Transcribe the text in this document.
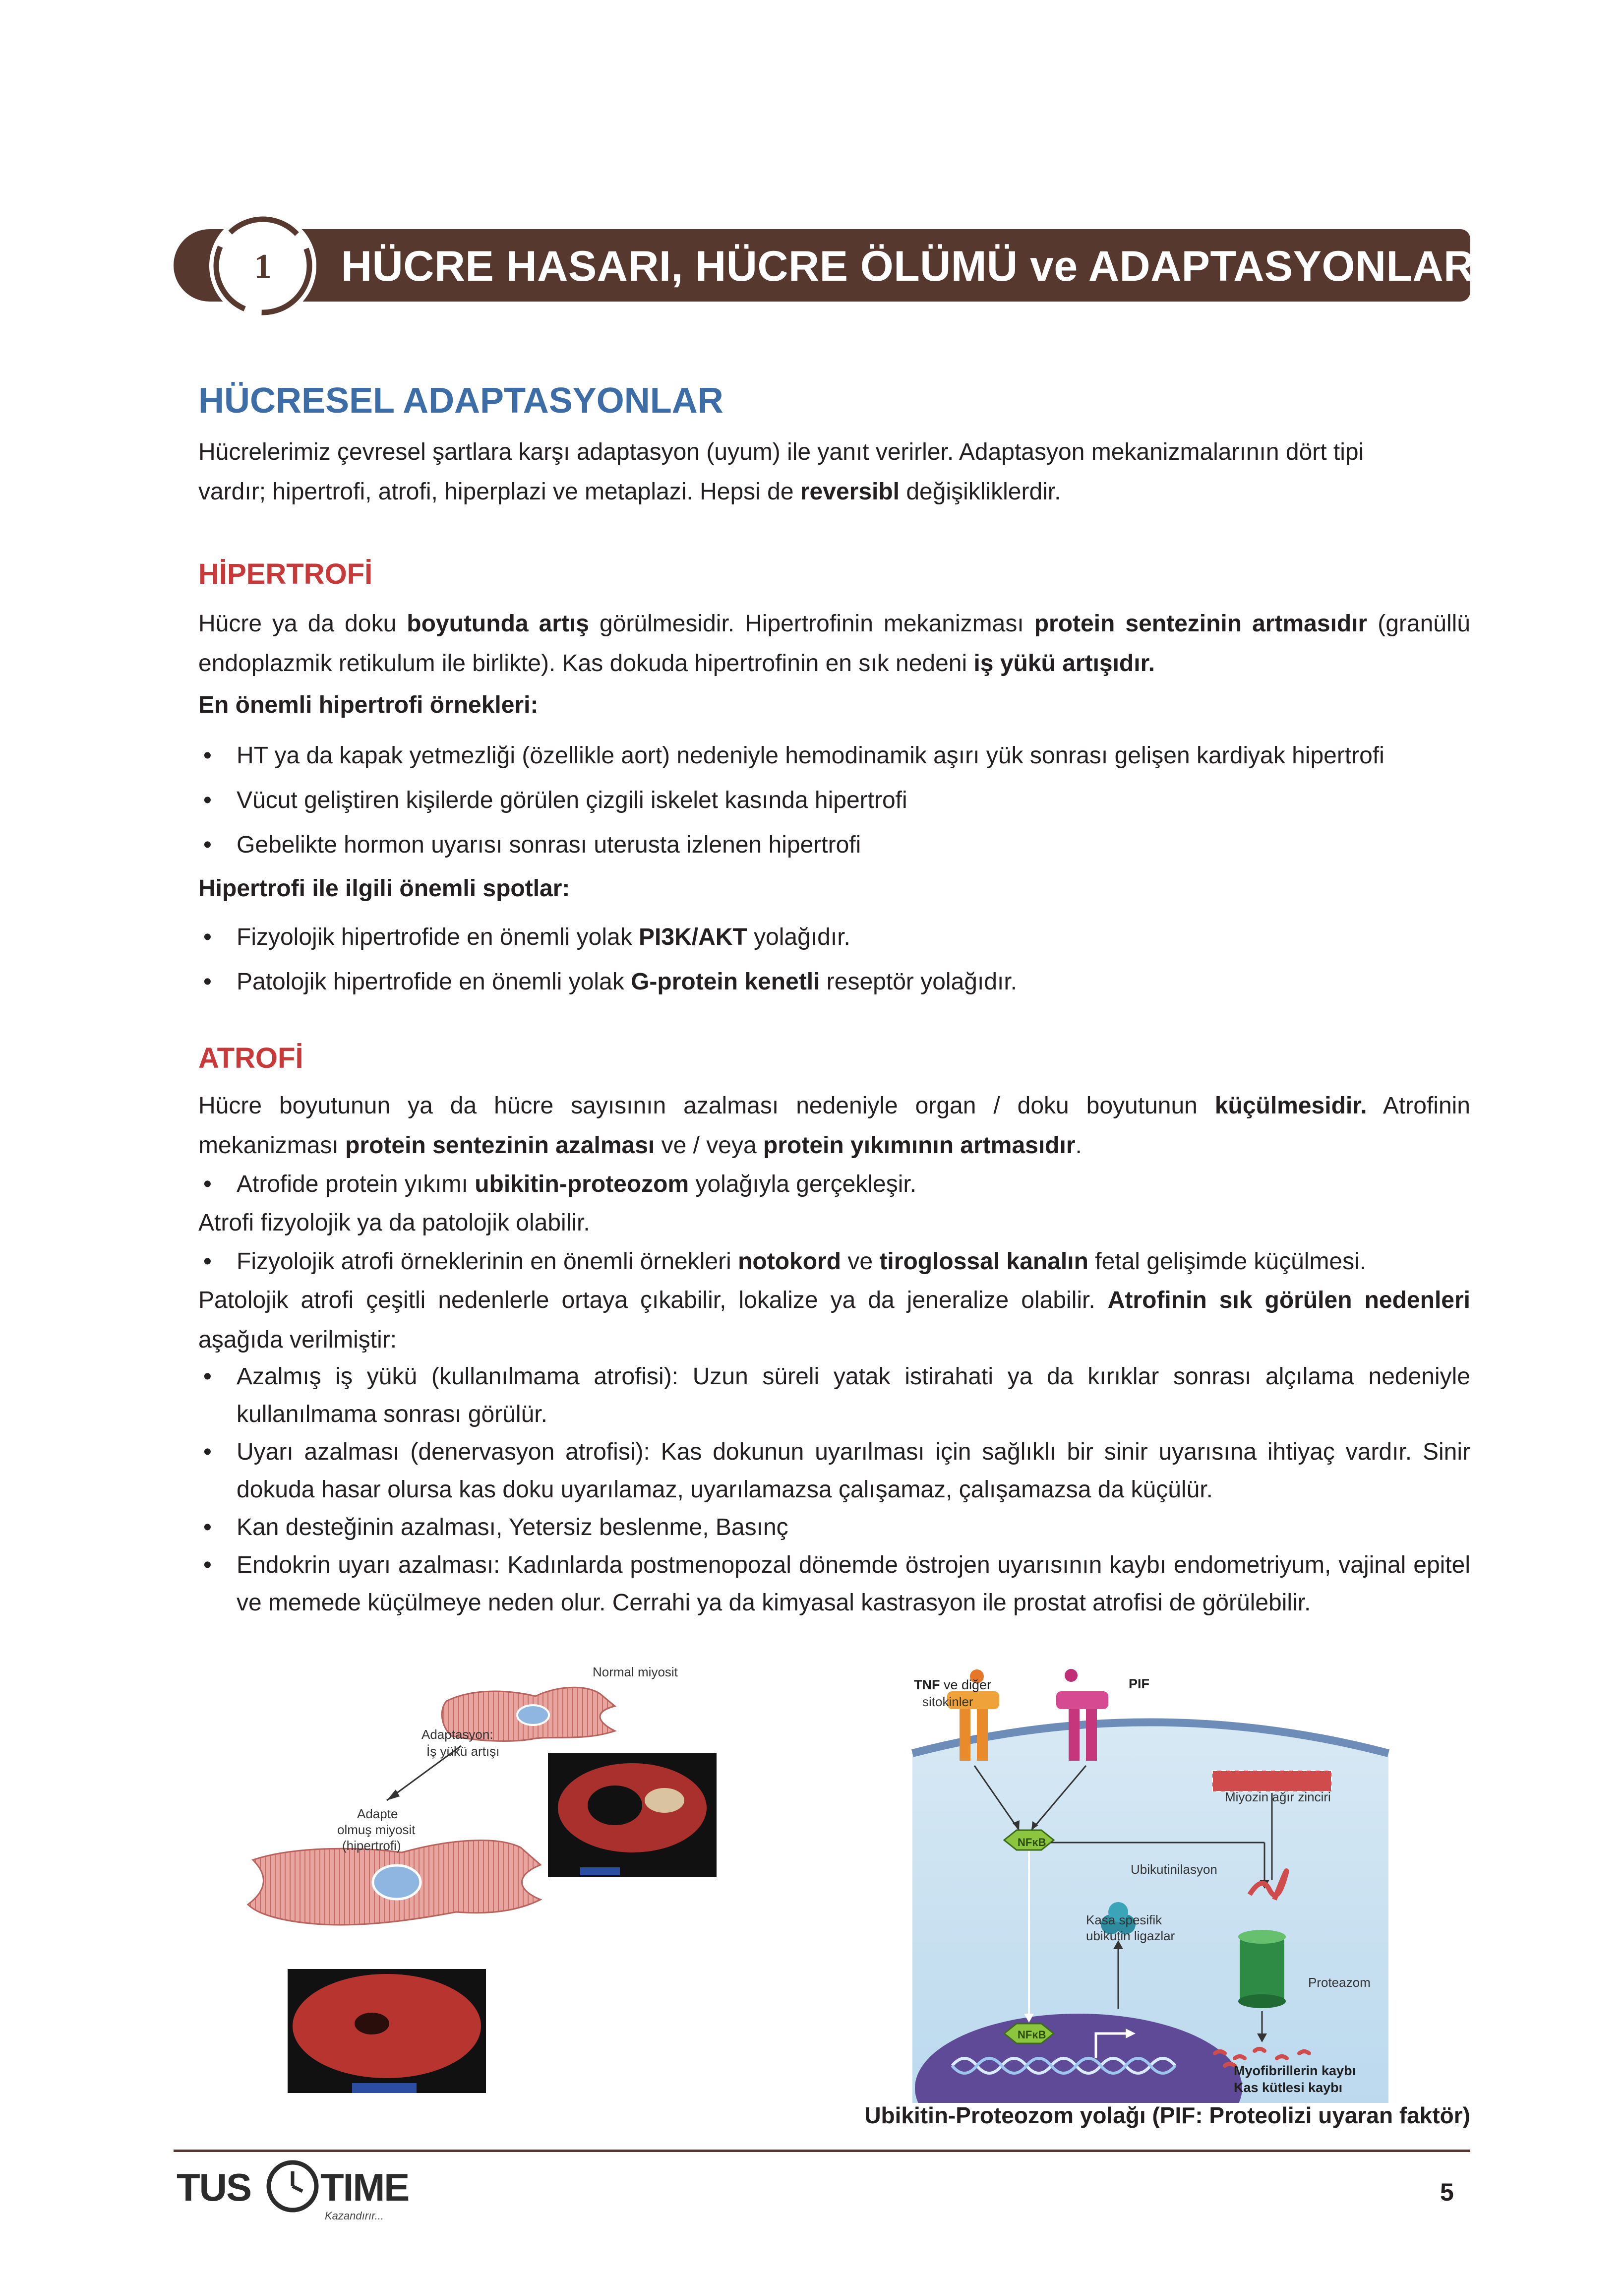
1	HÜCRE HASARI, HÜCRE ÖLÜMÜ ve ADAPTASYONLAR
HÜCRESEL ADAPTASYONLAR
Hücrelerimiz çevresel şartlara karşı adaptasyon (uyum) ile yanıt verirler. Adaptasyon mekanizmalarının dört tipi
vardır; hipertrofi, atrofi, hiperplazi ve metaplazi. Hepsi de reversibl değişikliklerdir.
HİPERTROFİ
Hücre ya da doku boyutunda artış görülmesidir. Hipertrofinin mekanizması protein sentezinin artmasıdır (granüllü endoplazmik retikulum ile birlikte). Kas dokuda hipertrofinin en sık nedeni iş yükü artışıdır.
En önemli hipertrofi örnekleri:
• HT ya da kapak yetmezliği (özellikle aort) nedeniyle hemodinamik aşırı yük sonrası gelişen kardiyak hipertrofi
• Vücut geliştiren kişilerde görülen çizgili iskelet kasında hipertrofi
• Gebelikte hormon uyarısı sonrası uterusta izlenen hipertrofi
Hipertrofi ile ilgili önemli spotlar:
• Fizyolojik hipertrofide en önemli yolak PI3K/AKT yolağıdır.
• Patolojik hipertrofide en önemli yolak G-protein kenetli reseptör yolağıdır.
ATROFİ
Hücre boyutunun ya da hücre sayısının azalması nedeniyle organ / doku boyutunun küçülmesidir. Atrofinin mekanizması protein sentezinin azalması ve / veya protein yıkımının artmasıdır.
• Atrofide protein yıkımı ubikitin-proteozom yolağıyla gerçekleşir.
Atrofi fizyolojik ya da patolojik olabilir.
• Fizyolojik atrofi örneklerinin en önemli örnekleri notokord ve tiroglossal kanalın fetal gelişimde küçülmesi.
Patolojik atrofi çeşitli nedenlerle ortaya çıkabilir, lokalize ya da jeneralize olabilir. Atrofinin sık görülen nedenleri aşağıda verilmiştir:
• Azalmış iş yükü (kullanılmama atrofisi): Uzun süreli yatak istirahati ya da kırıklar sonrası alçılama nedeniyle kullanılmama sonrası görülür.
• Uyarı azalması (denervasyon atrofisi): Kas dokunun uyarılması için sağlıklı bir sinir uyarısına ihtiyaç vardır. Sinir dokuda hasar olursa kas doku uyarılamaz, uyarılamazsa çalışamaz, çalışamazsa da küçülür.
• Kan desteğinin azalması, Yetersiz beslenme, Basınç
• Endokrin uyarı azalması: Kadınlarda postmenopozal dönemde östrojen uyarısının kaybı endometriyum, vajinal epitel ve memede küçülmeye neden olur. Cerrahi ya da kimyasal kastrasyon ile prostat atrofisi de görülebilir.
Normal miyosit
Adaptasyon:
İş yükü artışı
Adapte
olmuş miyosit
(hipertrofi)
TNF ve diğer
sitokinler
PIF
Miyozin ağır zinciri
Ubikutinilasyon
Kasa spesifik
ubikutin ligazlar
Proteazom
NFκB
NFκB
Myofibrillerin kaybı
Kas kütlesi kaybı
Ubikitin-Proteozom yolağı (PIF: Proteolizi uyaran faktör)
TUS TIME
Kazandırır...
5
